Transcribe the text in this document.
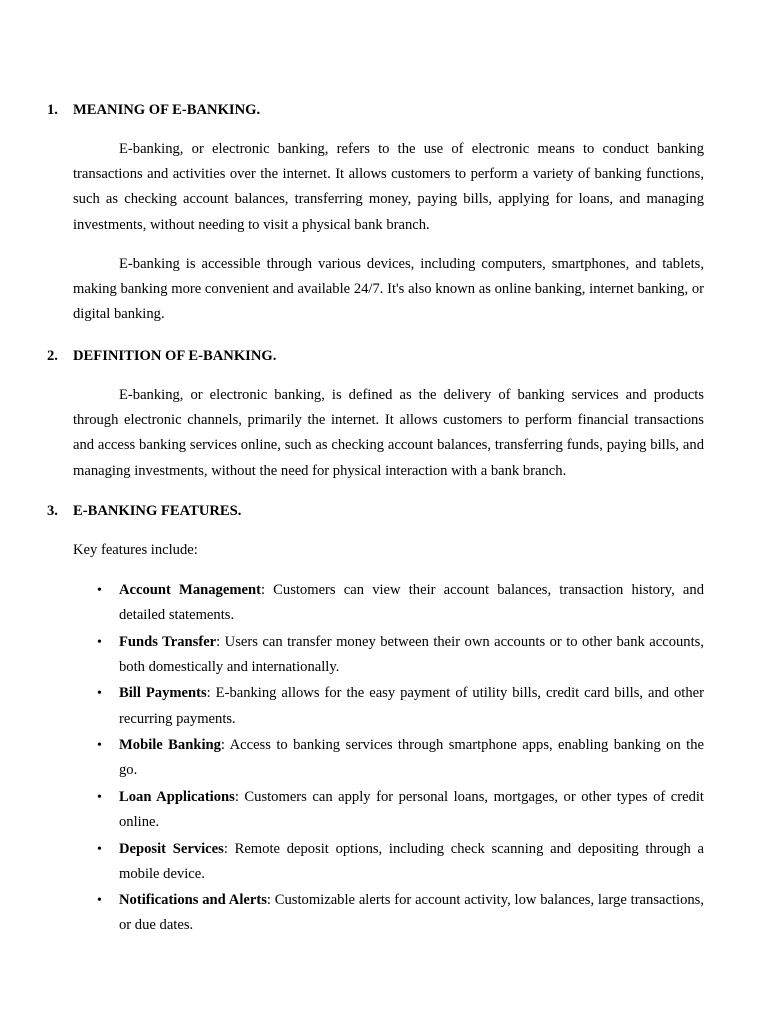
1. MEANING OF E-BANKING.

E-banking, or electronic banking, refers to the use of electronic means to conduct banking transactions and activities over the internet. It allows customers to perform a variety of banking functions, such as checking account balances, transferring money, paying bills, applying for loans, and managing investments, without needing to visit a physical bank branch.

E-banking is accessible through various devices, including computers, smartphones, and tablets, making banking more convenient and available 24/7. It's also known as online banking, internet banking, or digital banking.

2. DEFINITION OF E-BANKING.

E-banking, or electronic banking, is defined as the delivery of banking services and products through electronic channels, primarily the internet. It allows customers to perform financial transactions and access banking services online, such as checking account balances, transferring funds, paying bills, and managing investments, without the need for physical interaction with a bank branch.

3. E-BANKING FEATURES.

Key features include:

• Account Management: Customers can view their account balances, transaction history, and detailed statements.
• Funds Transfer: Users can transfer money between their own accounts or to other bank accounts, both domestically and internationally.
• Bill Payments: E-banking allows for the easy payment of utility bills, credit card bills, and other recurring payments.
• Mobile Banking: Access to banking services through smartphone apps, enabling banking on the go.
• Loan Applications: Customers can apply for personal loans, mortgages, or other types of credit online.
• Deposit Services: Remote deposit options, including check scanning and depositing through a mobile device.
• Notifications and Alerts: Customizable alerts for account activity, low balances, large transactions, or due dates.
